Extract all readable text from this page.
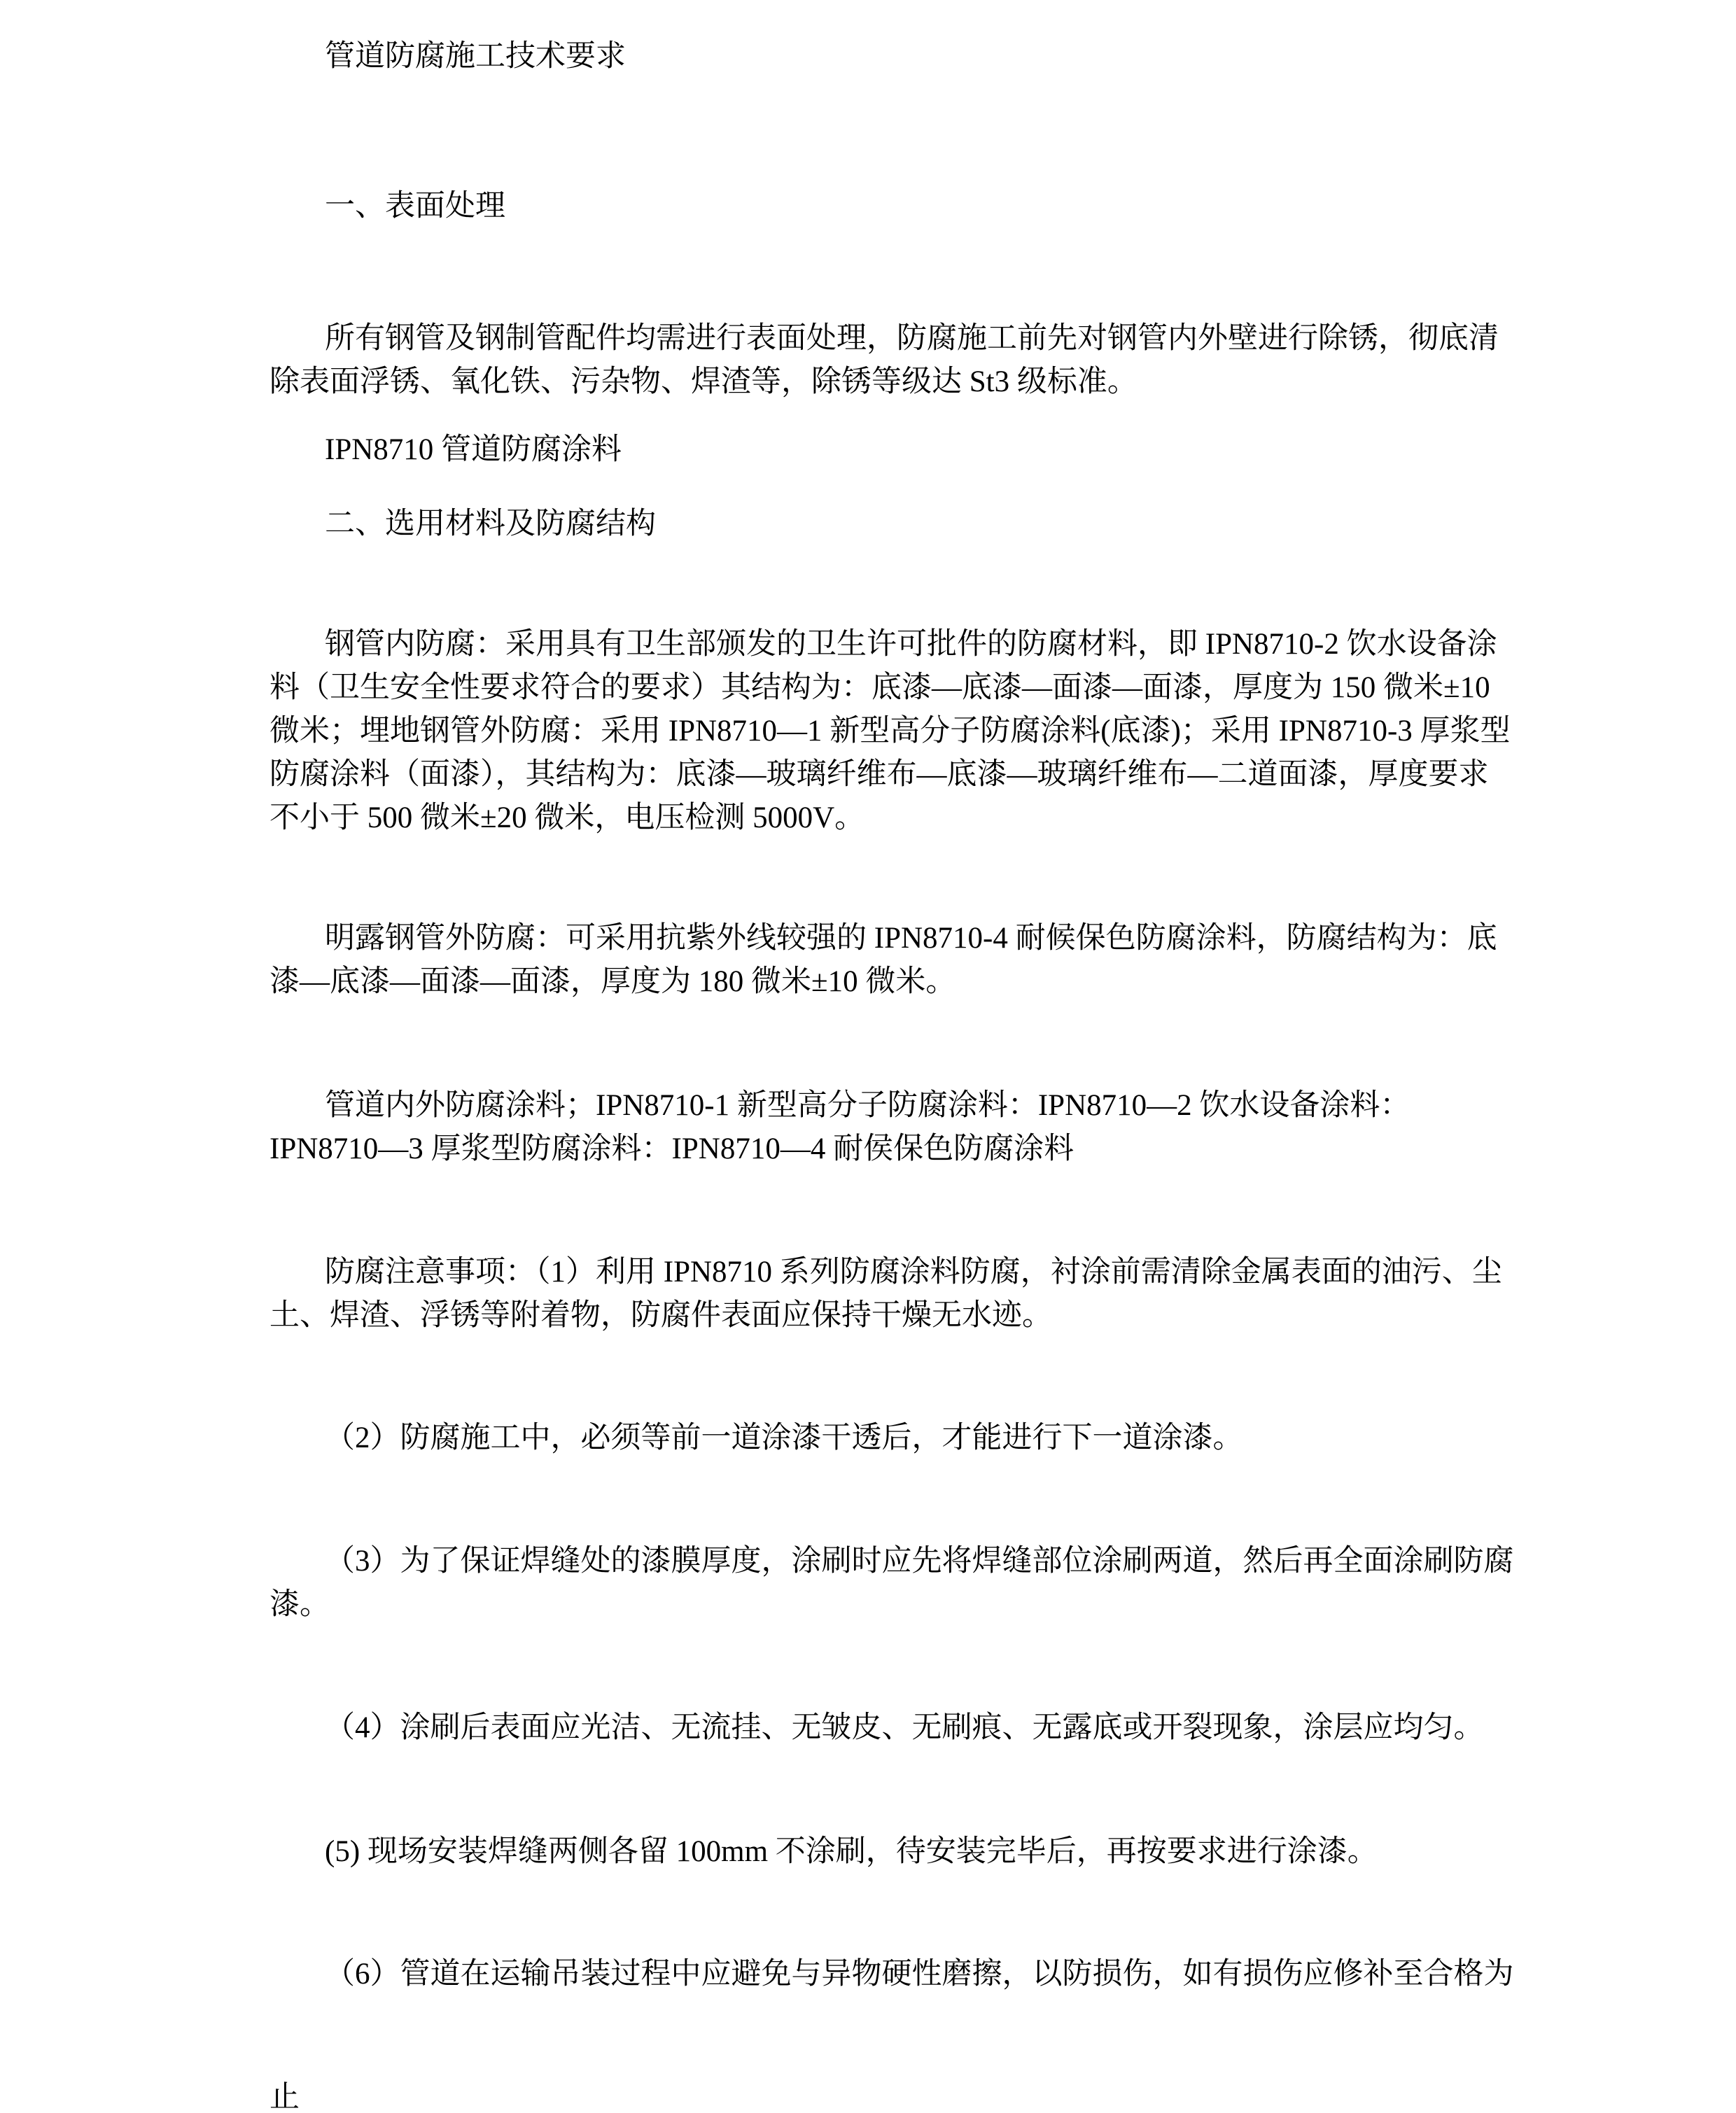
管道防腐施工技术要求
一、表面处理
所有钢管及钢制管配件均需进行表面处理，防腐施工前先对钢管内外壁进行除锈，彻底清
除表面浮锈、氧化铁、污杂物、焊渣等，除锈等级达 St3 级标准。
IPN8710 管道防腐涂料
二、选用材料及防腐结构
钢管内防腐：采用具有卫生部颁发的卫生许可批件的防腐材料，即 IPN8710-2 饮水设备涂
料（卫生安全性要求符合的要求）其结构为：底漆—底漆—面漆—面漆，厚度为 150 微米±10
微米；埋地钢管外防腐：采用 IPN8710—1 新型高分子防腐涂料(底漆)；采用 IPN8710-3 厚浆型
防腐涂料（面漆），其结构为：底漆—玻璃纤维布—底漆—玻璃纤维布—二道面漆，厚度要求
不小于 500 微米±20 微米，电压检测 5000V。
明露钢管外防腐：可采用抗紫外线较强的 IPN8710-4 耐候保色防腐涂料，防腐结构为：底
漆—底漆—面漆—面漆，厚度为 180 微米±10 微米。
管道内外防腐涂料；IPN8710-1 新型高分子防腐涂料：IPN8710—2 饮水设备涂料：
IPN8710—3 厚浆型防腐涂料：IPN8710—4 耐侯保色防腐涂料
防腐注意事项：（1）利用 IPN8710 系列防腐涂料防腐，衬涂前需清除金属表面的油污、尘
土、焊渣、浮锈等附着物，防腐件表面应保持干燥无水迹。
（2）防腐施工中，必须等前一道涂漆干透后，才能进行下一道涂漆。
（3）为了保证焊缝处的漆膜厚度，涂刷时应先将焊缝部位涂刷两道，然后再全面涂刷防腐
漆。
（4）涂刷后表面应光洁、无流挂、无皱皮、无刷痕、无露底或开裂现象，涂层应均匀。
(5) 现场安装焊缝两侧各留 100mm 不涂刷，待安装完毕后，再按要求进行涂漆。
（6）管道在运输吊装过程中应避免与异物硬性磨擦，以防损伤，如有损伤应修补至合格为
止
